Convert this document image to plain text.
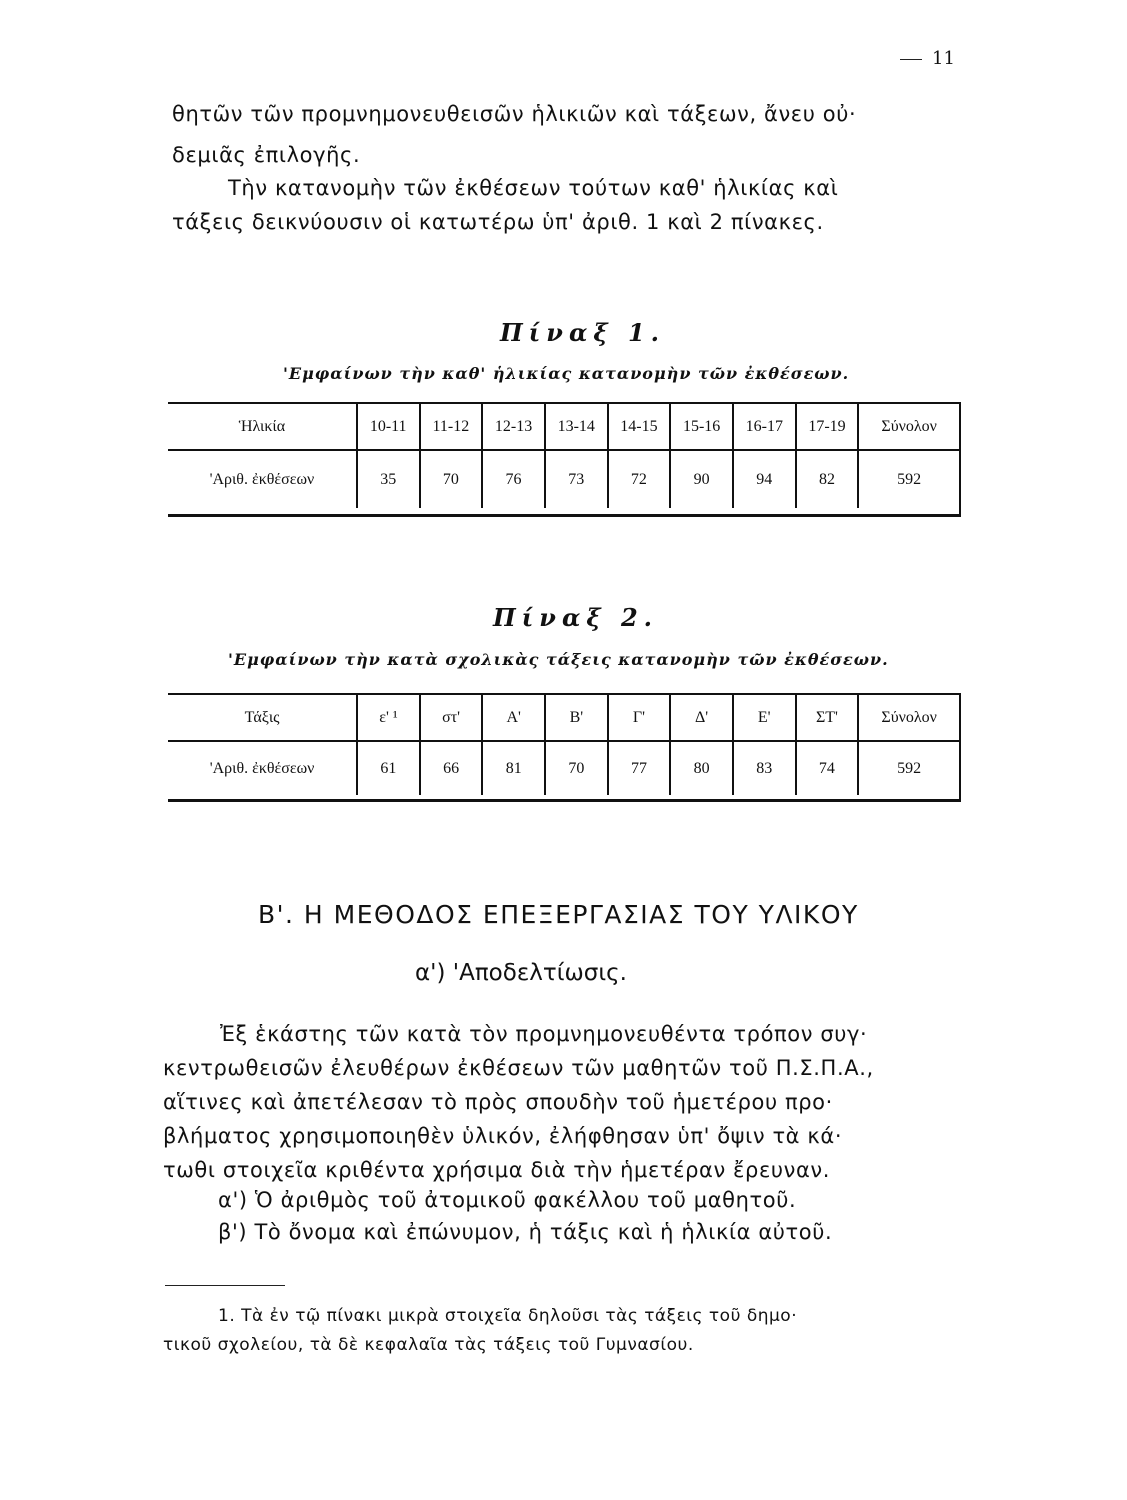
11
θητῶν τῶν προμνημονευθεισῶν ἡλικιῶν καὶ τάξεων, ἄνευ οὐ·
δεμιᾶς ἐπιλογῆς.
Τὴν κατανομὴν τῶν ἐκθέσεων τούτων καθ' ἡλικίας καὶ
τάξεις δεικνύουσιν οἱ κατωτέρω ὑπ' ἀριθ. 1 καὶ 2 πίνακες.
Πίναξ 1.
'Εμφαίνων τὴν καθ' ἡλικίας κατανομὴν τῶν ἐκθέσεων.
Ἡλικία	10-11	11-12	12-13	13-14	14-15	15-16	16-17	17-19	Σύνολον
'Αριθ. ἐκθέσεων	35	70	76	73	72	90	94	82	592
Πίναξ 2.
'Εμφαίνων τὴν κατὰ σχολικὰς τάξεις κατανομὴν τῶν ἐκθέσεων.
Τάξις	ε' ¹	στ'	Α'	Β'	Γ'	Δ'	Ε'	ΣΤ'	Σύνολον
'Αριθ. ἐκθέσεων	61	66	81	70	77	80	83	74	592
Β'. Η ΜΕΘΟΔΟΣ ΕΠΕΞΕΡΓΑΣΙΑΣ ΤΟΥ ΥΛΙΚΟΥ
α') 'Αποδελτίωσις.
Ἐξ ἑκάστης τῶν κατὰ τὸν προμνημονευθέντα τρόπον συγ·
κεντρωθεισῶν ἐλευθέρων ἐκθέσεων τῶν μαθητῶν τοῦ Π.Σ.Π.Α.,
αἵτινες καὶ ἀπετέλεσαν τὸ πρὸς σπουδὴν τοῦ ἡμετέρου προ·
βλήματος χρησιμοποιηθὲν ὑλικόν, ἐλήφθησαν ὑπ' ὄψιν τὰ κά·
τωθι στοιχεῖα κριθέντα χρήσιμα διὰ τὴν ἡμετέραν ἔρευναν.
α') Ὁ ἀριθμὸς τοῦ ἀτομικοῦ φακέλλου τοῦ μαθητοῦ.
β') Τὸ ὄνομα καὶ ἐπώνυμον, ἡ τάξις καὶ ἡ ἡλικία αὐτοῦ.
1. Τὰ ἐν τῷ πίνακι μικρὰ στοιχεῖα δηλοῦσι τὰς τάξεις τοῦ δημο·
τικοῦ σχολείου, τὰ δὲ κεφαλαῖα τὰς τάξεις τοῦ Γυμνασίου.
